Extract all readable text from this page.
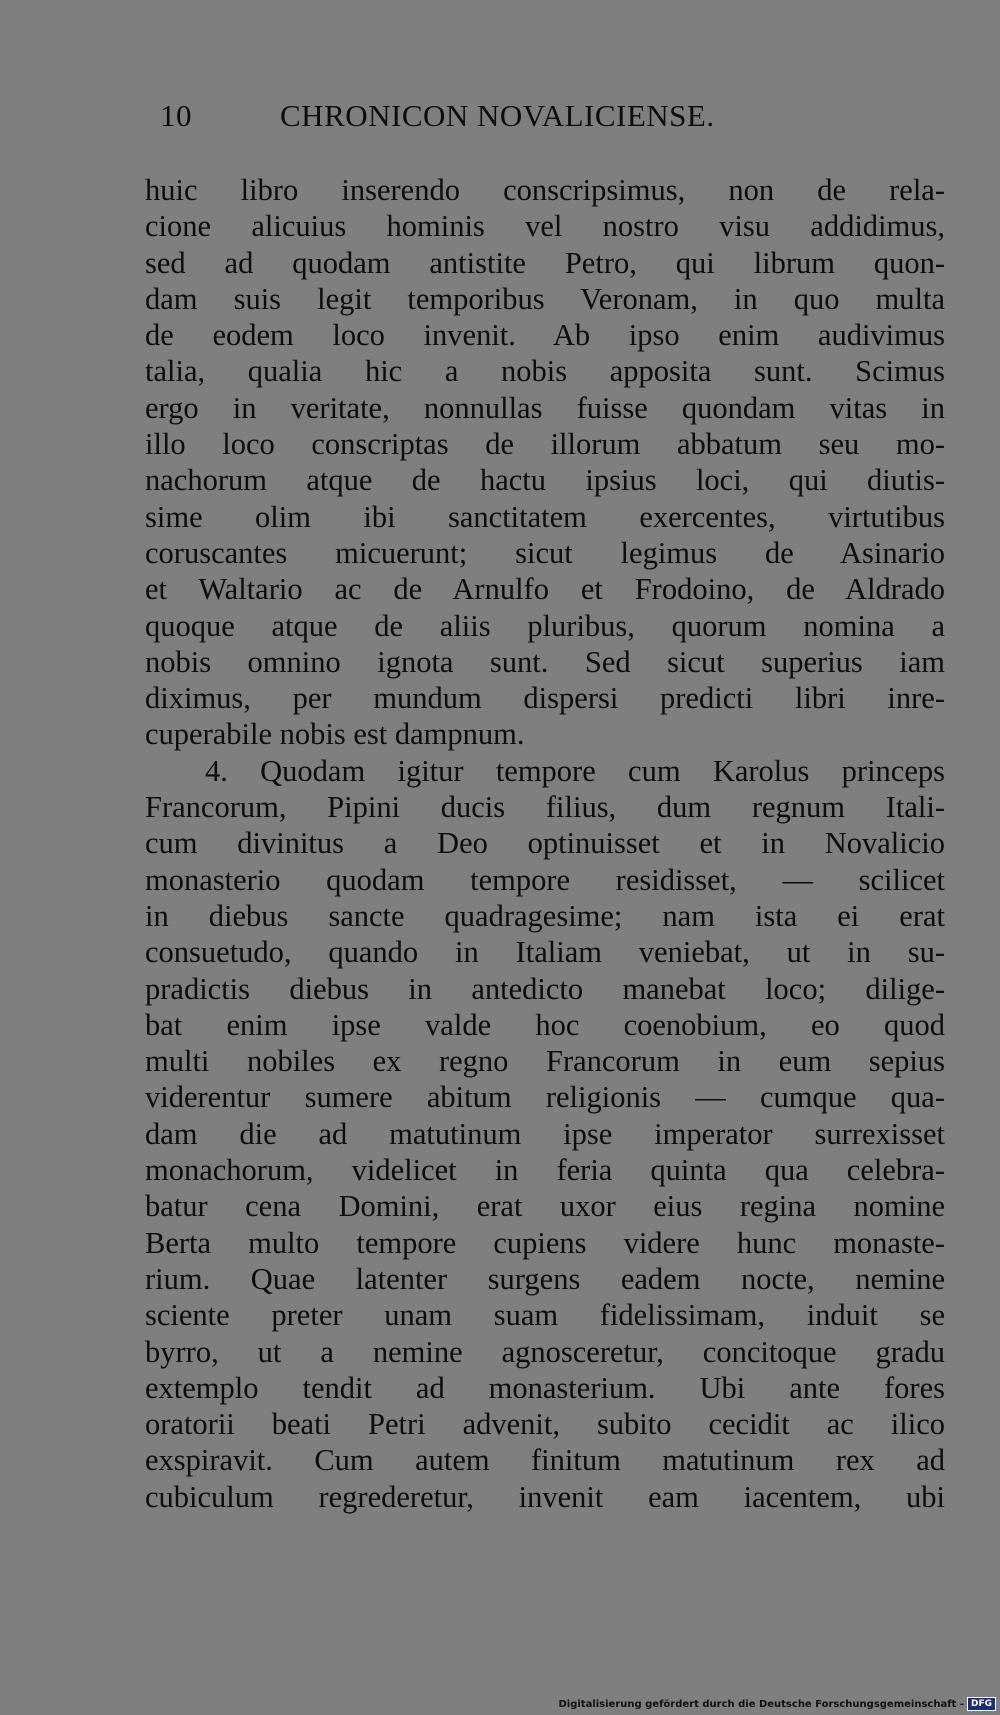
10	CHRONICON NOVALICIENSE.
huic libro inserendo conscripsimus, non de rela-
cione alicuius hominis vel nostro visu addidimus,
sed ad quodam antistite Petro, qui librum quon-
dam suis legit temporibus Veronam, in quo multa
de eodem loco invenit. Ab ipso enim audivimus
talia, qualia hic a nobis apposita sunt. Scimus
ergo in veritate, nonnullas fuisse quondam vitas in
illo loco conscriptas de illorum abbatum seu mo-
nachorum atque de hactu ipsius loci, qui diutis-
sime olim ibi sanctitatem exercentes, virtutibus
coruscantes micuerunt; sicut legimus de Asinario
et Waltario ac de Arnulfo et Frodoino, de Aldrado
quoque atque de aliis pluribus, quorum nomina a
nobis omnino ignota sunt. Sed sicut superius iam
diximus, per mundum dispersi predicti libri inre-
cuperabile nobis est dampnum.
4. Quodam igitur tempore cum Karolus princeps
Francorum, Pipini ducis filius, dum regnum Itali-
cum divinitus a Deo optinuisset et in Novalicio
monasterio quodam tempore residisset, — scilicet
in diebus sancte quadragesime; nam ista ei erat
consuetudo, quando in Italiam veniebat, ut in su-
pradictis diebus in antedicto manebat loco; dilige-
bat enim ipse valde hoc coenobium, eo quod
multi nobiles ex regno Francorum in eum sepius
viderentur sumere abitum religionis — cumque qua-
dam die ad matutinum ipse imperator surrexisset
monachorum, videlicet in feria quinta qua celebra-
batur cena Domini, erat uxor eius regina nomine
Berta multo tempore cupiens videre hunc monaste-
rium. Quae latenter surgens eadem nocte, nemine
sciente preter unam suam fidelissimam, induit se
byrro, ut a nemine agnosceretur, concitoque gradu
extemplo tendit ad monasterium. Ubi ante fores
oratorii beati Petri advenit, subito cecidit ac ilico
exspiravit. Cum autem finitum matutinum rex ad
cubiculum regrederetur, invenit eam iacentem, ubi
Digitalisierung gefördert durch die Deutsche Forschungsgemeinschaft - DFG
